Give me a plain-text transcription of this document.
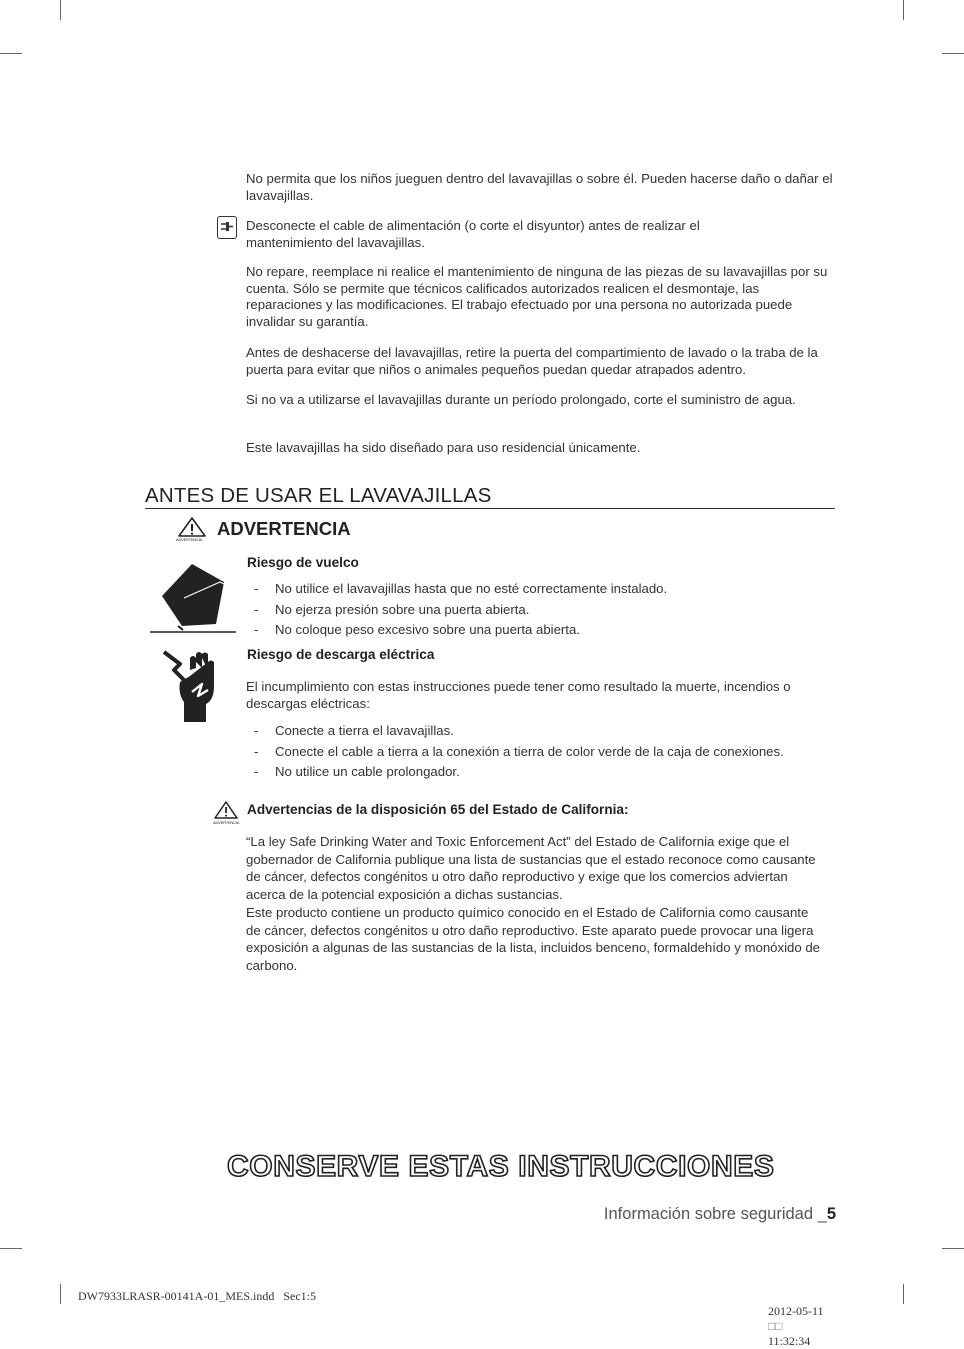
No permita que los niños jueguen dentro del lavavajillas o sobre él. Pueden hacerse daño o dañar el lavavajillas.

Desconecte el cable de alimentación (o corte el disyuntor) antes de realizar el mantenimiento del lavavajillas.

No repare, reemplace ni realice el mantenimiento de ninguna de las piezas de su lavavajillas por su cuenta. Sólo se permite que técnicos calificados autorizados realicen el desmontaje, las reparaciones y las modificaciones. El trabajo efectuado por una persona no autorizada puede invalidar su garantía.

Antes de deshacerse del lavavajillas, retire la puerta del compartimiento de lavado o la traba de la puerta para evitar que niños o animales pequeños puedan quedar atrapados adentro.

Si no va a utilizarse el lavavajillas durante un período prolongado, corte el suministro de agua.

Este lavavajillas ha sido diseñado para uso residencial únicamente.

ANTES DE USAR EL LAVAVAJILLAS
ADVERTENCIA
ADVERTENCIA
Riesgo de vuelco
- No utilice el lavavajillas hasta que no esté correctamente instalado.
- No ejerza presión sobre una puerta abierta.
- No coloque peso excesivo sobre una puerta abierta.
Riesgo de descarga eléctrica

El incumplimiento con estas instrucciones puede tener como resultado la muerte, incendios o descargas eléctricas:

- Conecte a tierra el lavavajillas.
- Conecte el cable a tierra a la conexión a tierra de color verde de la caja de conexiones.
- No utilice un cable prolongador.
ADVERTENCIA
Advertencias de la disposición 65 del Estado de California:

“La ley Safe Drinking Water and Toxic Enforcement Act” del Estado de California exige que el gobernador de California publique una lista de sustancias que el estado reconoce como causante de cáncer, defectos congénitos u otro daño reproductivo y exige que los comercios adviertan acerca de la potencial exposición a dichas sustancias.

Este producto contiene un producto químico conocido en el Estado de California como causante de cáncer, defectos congénitos u otro daño reproductivo. Este aparato puede provocar una ligera exposición a algunas de las sustancias de la lista, incluidos benceno, formaldehído y monóxido de carbono.

CONSERVE ESTAS INSTRUCCIONES
Información sobre seguridad _5
DW7933LRASR-00141A-01_MES.indd   Sec1:5

2012-05-11
□□
11:32:34
